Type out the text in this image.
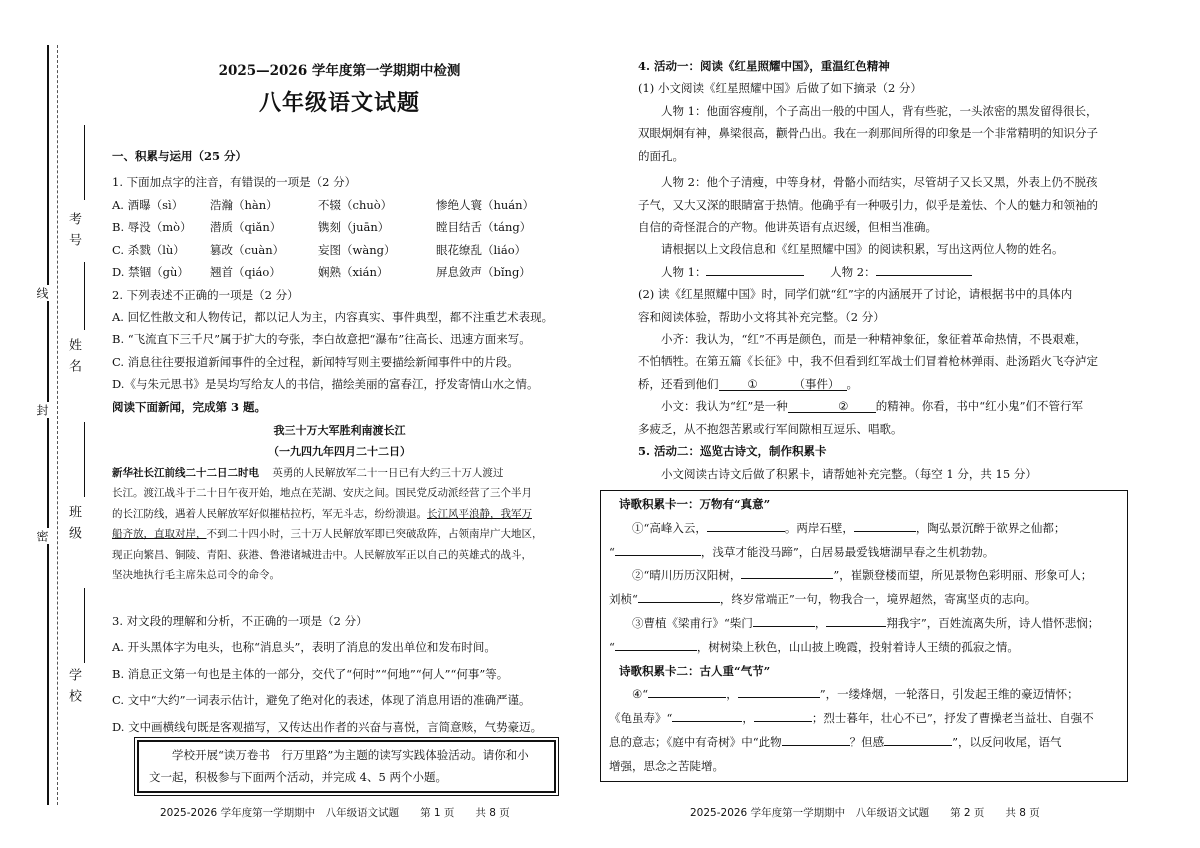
线
封
密
考号
姓名
班级
学校
2025—2026 学年度第一学期期中检测
八年级语文试题

一、积累与运用（25 分）

1. 下面加点字的注音，有错误的一项是（2 分）

A. 酒曝（sì）	浩瀚（hàn）	不辍（chuò）	惨绝人寰（huán）
B. 辱没（mò）	潜质（qiǎn）	镌刻（juān）	瞠目结舌（táng）
C. 杀戮（lù）	篡改（cuàn）	妄图（wàng）	眼花缭乱（liáo）
D. 禁锢（gù）	翘首（qiáo）	娴熟（xián）	屏息敛声（bǐng）

2. 下列表述不正确的一项是（2 分）

A. 回忆性散文和人物传记，都以记人为主，内容真实、事件典型，都不注重艺术表现。

B. “飞流直下三千尺”属于扩大的夸张，李白故意把“瀑布”往高长、迅速方面来写。

C. 消息往往要报道新闻事件的全过程，新闻特写则主要描绘新闻事件中的片段。

D.《与朱元思书》是吴均写给友人的书信，描绘美丽的富春江，抒发寄情山水之情。

阅读下面新闻，完成第 3 题。

我三十万大军胜利南渡长江

（一九四九年四月二十二日）

新华社长江前线二十二日二时电 英勇的人民解放军二十一日已有大约三十万人渡过

长江。渡江战斗于二十日午夜开始，地点在芜湖、安庆之间。国民党反动派经营了三个半月

的长江防线，遇着人民解放军好似摧枯拉朽，军无斗志，纷纷溃退。长江风平浪静，我军万

船齐放，直取对岸，不到二十四小时，三十万人民解放军即已突破敌阵，占领南岸广大地区，

现正向繁昌、铜陵、青阳、荻港、鲁港诸城进击中。人民解放军正以自己的英雄式的战斗，

坚决地执行毛主席朱总司令的命令。

3. 对文段的理解和分析，不正确的一项是（2 分）

A. 开头黑体字为电头，也称“消息头”，表明了消息的发出单位和发布时间。

B. 消息正文第一句也是主体的一部分，交代了“何时”“何地”“何人”“何事”等。

C. 文中“大约”一词表示估计，避免了绝对化的表述，体现了消息用语的准确严谨。

D. 文中画横线句既是客观描写，又传达出作者的兴奋与喜悦，言简意赅，气势豪迈。

学校开展“读万卷书　行万里路”为主题的读写实践体验活动。请你和小

文一起，积极参与下面两个活动，并完成 4、5 两个小题。

2025-2026 学年度第一学期期中　八年级语文试题　　第 1 页　　共 8 页

4. 活动一：阅读《红星照耀中国》，重温红色精神

(1) 小文阅读《红星照耀中国》后做了如下摘录（2 分）

人物 1：他面容瘦削，个子高出一般的中国人，背有些驼，一头浓密的黑发留得很长，

双眼炯炯有神，鼻梁很高，颧骨凸出。我在一刹那间所得的印象是一个非常精明的知识分子

的面孔。

人物 2：他个子清瘦，中等身材，骨骼小而结实，尽管胡子又长又黑，外表上仍不脱孩

子气，又大又深的眼睛富于热情。他确乎有一种吸引力，似乎是羞怯、个人的魅力和领袖的

自信的奇怪混合的产物。他讲英语有点迟缓，但相当准确。

请根据以上文段信息和《红星照耀中国》的阅读积累，写出这两位人物的姓名。

人物 1：	人物 2：

(2) 读《红星照耀中国》时，同学们就“红”字的内涵展开了讨论，请根据书中的具体内

容和阅读体验，帮助小文将其补充完整。（2 分）

小齐：我认为，“红”不再是颜色，而是一种精神象征，象征着革命热情，不畏艰难，

不怕牺牲。在第五篇《长征》中，我不但看到红军战士们冒着枪林弹雨、赴汤蹈火飞夺泸定

桥，还看到他们	①	（事件） 。

小文：我认为“红”是一种	② 的精神。你看，书中“红小鬼”们不管行军

多疲乏，从不抱怨苦累或行军间隙相互逗乐、唱歌。

5. 活动二：巡览古诗文，制作积累卡

小文阅读古诗文后做了积累卡，请帮她补充完整。（每空 1 分，共 15 分）

诗歌积累卡一：万物有“真意”

①“高峰入云，	。两岸石壁，	，陶弘景沉醉于欲界之仙都；

“	，浅草才能没马蹄”，白居易最爱钱塘湖早春之生机勃勃。

②“晴川历历汉阳树，	”，崔颢登楼而望，所见景物色彩明丽、形象可人；

刘桢“	，终岁常端正”一句，物我合一，境界超然，寄寓坚贞的志向。

③曹植《梁甫行》“柴门	，	翔我宇”，百姓流离失所，诗人惜怀悲悯；

“	，树树染上秋色，山山披上晚霞，投射着诗人王绩的孤寂之情。

诗歌积累卡二：古人重“气节”

④“	，	”，一缕烽烟，一轮落日，引发起王维的豪迈情怀；

《龟虽寿》“	，	；烈士暮年，壮心不已”，抒发了曹操老当益壮、自强不

息的意志；《庭中有奇树》中“此物	？但感	”，以反问收尾，语气

增强，思念之苦陡增。

2025-2026 学年度第一学期期中　八年级语文试题　　第 2 页　　共 8 页
